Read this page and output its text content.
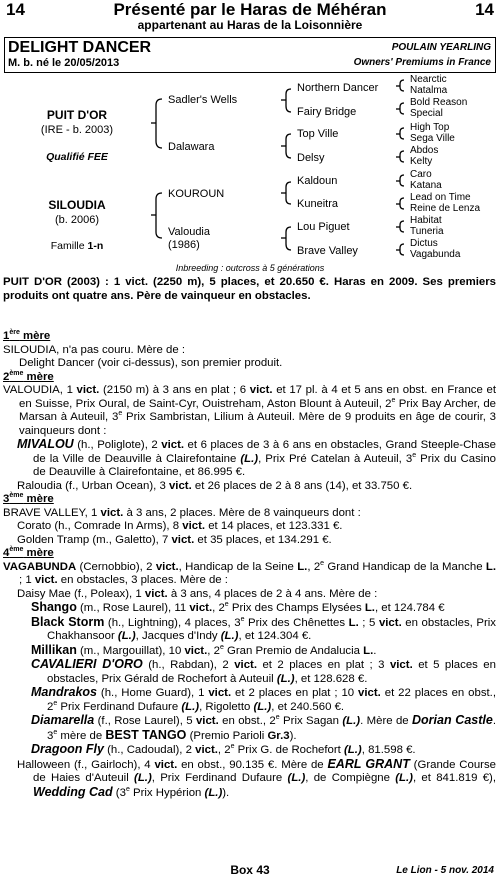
14	Présenté par le Haras de Méhéran	14
appartenant au Haras de la Loisonnière
DELIGHT DANCER	POULAIN YEARLING
M. b. né le 20/05/2013	Owners' Premiums in France
PUIT D'OR
(IRE - b. 2003)
Qualifié FEE
SILOUDIA
(b. 2006)
Famille 1-n
Sadler's Wells
Dalawara
KOUROUN
Valoudia
(1986)
Northern Dancer
Fairy Bridge
Top Ville
Delsy
Kaldoun
Kuneitra
Lou Piguet
Brave Valley
Nearctic
Natalma
Bold Reason
Special
High Top
Sega Ville
Abdos
Kelty
Caro
Katana
Lead on Time
Reine de Lenza
Habitat
Tuneria
Dictus
Vagabunda
Inbreeding : outcross à 5 générations

PUIT D'OR (2003) : 1 vict. (2250 m), 5 places, et 20.650 €. Haras en 2009. Ses premiers produits ont quatre ans. Père de vainqueur en obstacles.

1ère mère

SILOUDIA, n'a pas couru. Mère de :

Delight Dancer (voir ci-dessus), son premier produit.

2ème mère

VALOUDIA, 1 vict. (2150 m) à 3 ans en plat ; 6 vict. et 17 pl. à 4 et 5 ans en obst. en France et en Suisse, Prix Oural, de Saint-Cyr, Ouistreham, Aston Blount à Auteuil, 2e Prix Bay Archer, de Marsan à Auteuil, 3e Prix Sambristan, Lilium à Auteuil. Mère de 9 produits en âge de courir, 3 vainqueurs dont :

MIVALOU (h., Poliglote), 2 vict. et 6 places de 3 à 6 ans en obstacles, Grand Steeple-Chase de la Ville de Deauville à Clairefontaine (L.), Prix Pré Catelan à Auteuil, 3e Prix du Casino de Deauville à Clairefontaine, et 86.995 €.

Raloudia (f., Urban Ocean), 3 vict. et 26 places de 2 à 8 ans (14), et 33.750 €.

3ème mère

BRAVE VALLEY, 1 vict. à 3 ans, 2 places. Mère de 8 vainqueurs dont :

Corato (h., Comrade In Arms), 8 vict. et 14 places, et 123.331 €.

Golden Tramp (m., Galetto), 7 vict. et 35 places, et 134.291 €.

4ème mère

VAGABUNDA (Cernobbio), 2 vict., Handicap de la Seine L., 2e Grand Handicap de la Manche L. ; 1 vict. en obstacles, 3 places. Mère de :

Daisy Mae (f., Poleax), 1 vict. à 3 ans, 4 places de 2 à 4 ans. Mère de :

Shango (m., Rose Laurel), 11 vict., 2e Prix des Champs Elysées L., et 124.784 €

Black Storm (h., Lightning), 4 places, 3e Prix des Chênettes L. ; 5 vict. en obstacles, Prix Chakhansoor (L.), Jacques d'Indy (L.), et 124.304 €.

Millikan (m., Margouillat), 10 vict., 2e Gran Premio de Andalucia L..

CAVALIERI D'ORO (h., Rabdan), 2 vict. et 2 places en plat ; 3 vict. et 5 places en obstacles, Prix Gérald de Rochefort à Auteuil (L.), et 128.628 €.

Mandrakos (h., Home Guard), 1 vict. et 2 places en plat ; 10 vict. et 22 places en obst., 2e Prix Ferdinand Dufaure (L.), Rigoletto (L.), et 240.560 €.

Diamarella (f., Rose Laurel), 5 vict. en obst., 2e Prix Sagan (L.). Mère de Dorian Castle. 3e mère de BEST TANGO (Premio Parioli Gr.3).

Dragoon Fly (h., Cadoudal), 2 vict., 2e Prix G. de Rochefort (L.), 81.598 €.

Halloween (f., Gairloch), 4 vict. en obst., 90.135 €. Mère de EARL GRANT (Grande Course de Haies d'Auteuil (L.), Prix Ferdinand Dufaure (L.), de Compiègne (L.), et 841.819 €), Wedding Cad (3e Prix Hypérion (L.)).

Box 43	Le Lion - 5 nov. 2014
